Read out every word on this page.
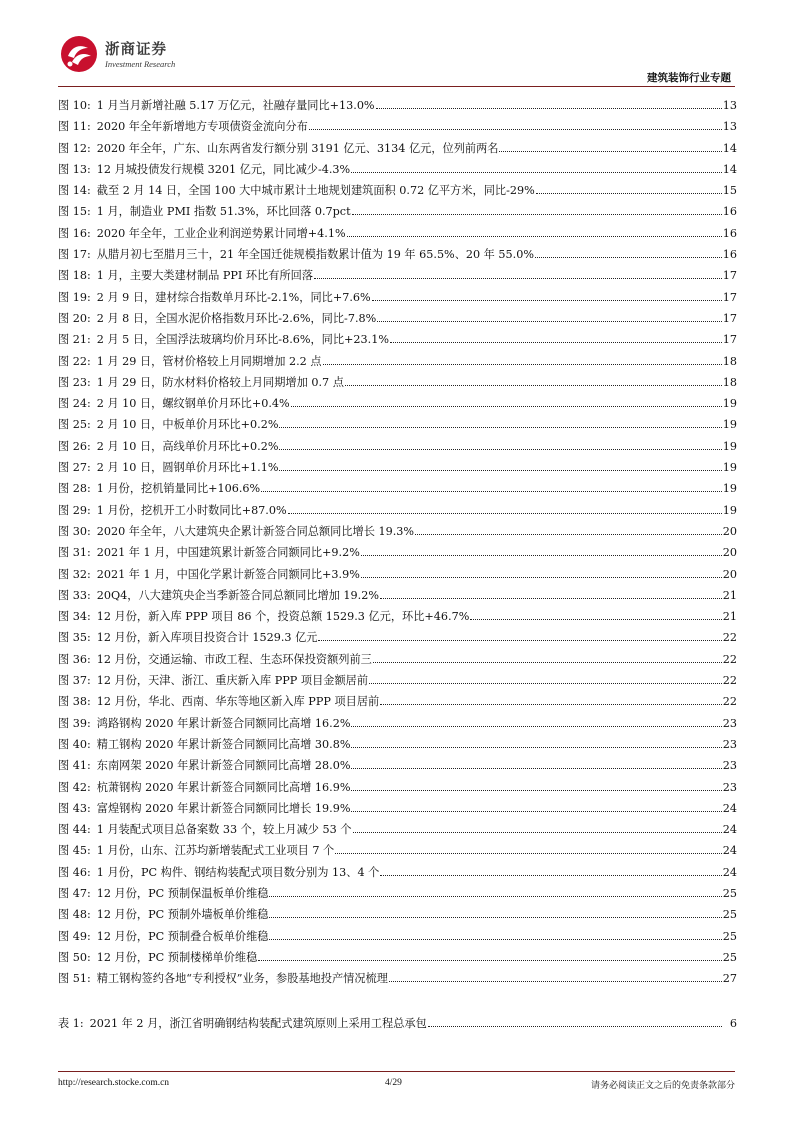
浙商证券
Investment Research
建筑装饰行业专题
图 10 : 1 月当月新增社融 5.17 万亿元，社融存量同比+13.0%	13
图 11 : 2020 年全年新增地方专项债资金流向分布	13
图 12 : 2020 年全年，广东、山东两省发行额分别 3191 亿元、3134 亿元，位列前两名	14
图 13 : 12 月城投债发行规模 3201 亿元，同比减少-4.3%	14
图 14 : 截至 2 月 14 日，全国 100 大中城市累计土地规划建筑面积 0.72 亿平方米，同比-29%	15
图 15 : 1 月，制造业 PMI 指数 51.3%，环比回落 0.7pct	16
图 16 : 2020 年全年，工业企业利润逆势累计同增+4.1%	16
图 17 : 从腊月初七至腊月三十，21 年全国迁徙规模指数累计值为 19 年 65.5%、20 年 55.0%	16
图 18 : 1 月，主要大类建材制品 PPI 环比有所回落	17
图 19 : 2 月 9 日，建材综合指数单月环比-2.1%，同比+7.6%	17
图 20 : 2 月 8 日，全国水泥价格指数月环比-2.6%，同比-7.8%	17
图 21 : 2 月 5 日，全国浮法玻璃均价月环比-8.6%，同比+23.1%	17
图 22 : 1 月 29 日，管材价格较上月同期增加 2.2 点	18
图 23 : 1 月 29 日，防水材料价格较上月同期增加 0.7 点	18
图 24 : 2 月 10 日，螺纹钢单价月环比+0.4%	19
图 25 : 2 月 10 日，中板单价月环比+0.2%	19
图 26 : 2 月 10 日，高线单价月环比+0.2%	19
图 27 : 2 月 10 日，圆钢单价月环比+1.1%	19
图 28 : 1 月份，挖机销量同比+106.6%	19
图 29 : 1 月份，挖机开工小时数同比+87.0%	19
图 30 : 2020 年全年，八大建筑央企累计新签合同总额同比增长 19.3%	20
图 31 : 2021 年 1 月，中国建筑累计新签合同额同比+9.2%	20
图 32 : 2021 年 1 月，中国化学累计新签合同额同比+3.9%	20
图 33 : 20Q4，八大建筑央企当季新签合同总额同比增加 19.2%	21
图 34 : 12 月份，新入库 PPP 项目 86 个，投资总额 1529.3 亿元，环比+46.7%	21
图 35 : 12 月份，新入库项目投资合计 1529.3 亿元	22
图 36 : 12 月份，交通运输、市政工程、生态环保投资额列前三	22
图 37 : 12 月份，天津、浙江、重庆新入库 PPP 项目金额居前	22
图 38 : 12 月份，华北、西南、华东等地区新入库 PPP 项目居前	22
图 39 : 鸿路钢构 2020 年累计新签合同额同比高增 16.2%	23
图 40 : 精工钢构 2020 年累计新签合同额同比高增 30.8%	23
图 41 : 东南网架 2020 年累计新签合同额同比高增 28.0%	23
图 42 : 杭萧钢构 2020 年累计新签合同额同比高增 16.9%	23
图 43 : 富煌钢构 2020 年累计新签合同额同比增长 19.9%	24
图 44 : 1 月装配式项目总备案数 33 个，较上月减少 53 个	24
图 45 : 1 月份，山东、江苏均新增装配式工业项目 7 个	24
图 46 : 1 月份，PC 构件、钢结构装配式项目数分别为 13、4 个	24
图 47 : 12 月份，PC 预制保温板单价维稳	25
图 48 : 12 月份，PC 预制外墙板单价维稳	25
图 49 : 12 月份，PC 预制叠合板单价维稳	25
图 50 : 12 月份，PC 预制楼梯单价维稳	25
图 51 : 精工钢构签约各地“专利授权”业务，参股基地投产情况梳理	27
表 1 : 2021 年 2 月，浙江省明确钢结构装配式建筑原则上采用工程总承包	6
http://research.stocke.com.cn	4/29	请务必阅读正文之后的免责条款部分
